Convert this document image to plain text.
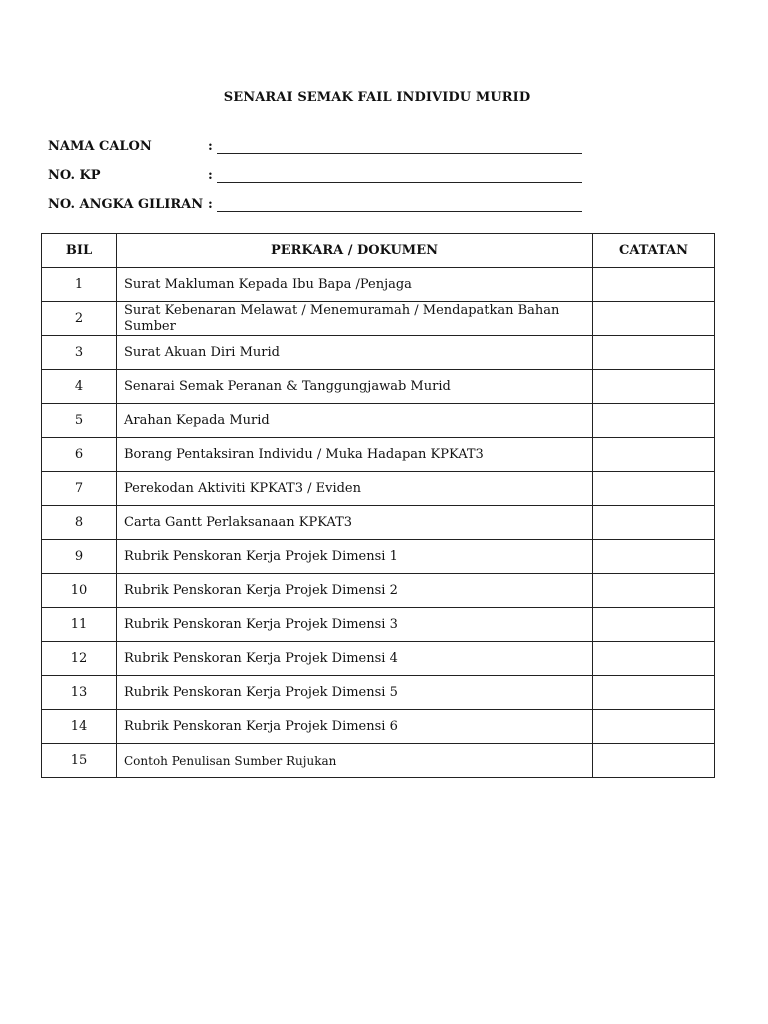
SENARAI SEMAK FAIL INDIVIDU MURID
NAMA CALON	:
NO. KP	:
NO. ANGKA GILIRAN :
BIL	PERKARA / DOKUMEN	CATATAN
1	Surat Makluman Kepada Ibu Bapa /Penjaga	
2	Surat Kebenaran Melawat / Menemuramah / Mendapatkan Bahan Sumber	
3	Surat Akuan Diri Murid	
4	Senarai Semak Peranan & Tanggungjawab Murid	
5	Arahan Kepada Murid	
6	Borang Pentaksiran Individu / Muka Hadapan KPKAT3	
7	Perekodan Aktiviti KPKAT3 / Eviden	
8	Carta Gantt Perlaksanaan KPKAT3	
9	Rubrik Penskoran Kerja Projek Dimensi 1	
10	Rubrik Penskoran Kerja Projek Dimensi 2	
11	Rubrik Penskoran Kerja Projek Dimensi 3	
12	Rubrik Penskoran Kerja Projek Dimensi 4	
13	Rubrik Penskoran Kerja Projek Dimensi 5	
14	Rubrik Penskoran Kerja Projek Dimensi 6	
15	Contoh Penulisan Sumber Rujukan	
